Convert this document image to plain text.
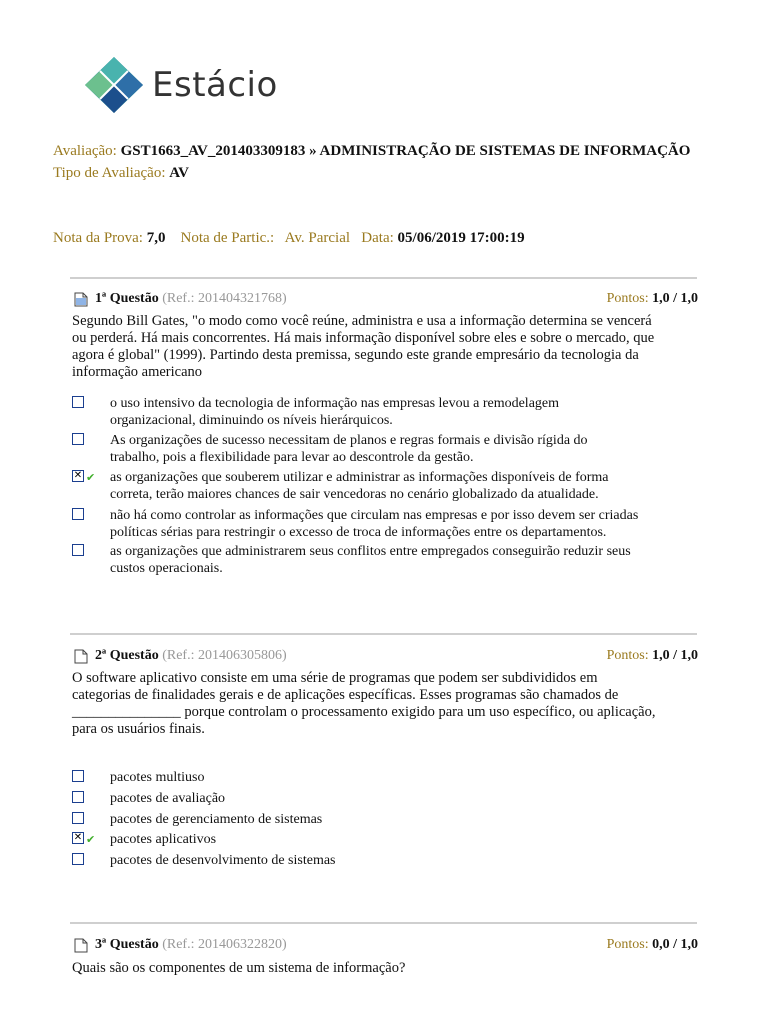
Estácio
Avaliação: GST1663_AV_201403309183 » ADMINISTRAÇÃO DE SISTEMAS DE INFORMAÇÃO
Tipo de Avaliação: AV
Nota da Prova: 7,0 Nota de Partic.: Av. Parcial Data: 05/06/2019 17:00:19
1ª Questão (Ref.: 201404321768)	Pontos: 1,0 / 1,0
Segundo Bill Gates, "o modo como você reúne, administra e usa a informação determina se vencerá
ou perderá. Há mais concorrentes. Há mais informação disponível sobre eles e sobre o mercado, que
agora é global" (1999). Partindo desta premissa, segundo este grande empresário da tecnologia da
informação americano
o uso intensivo da tecnologia de informação nas empresas levou a remodelagem
organizacional, diminuindo os níveis hierárquicos.
As organizações de sucesso necessitam de planos e regras formais e divisão rígida do
trabalho, pois a flexibilidade para levar ao descontrole da gestão.
✕ ✔ as organizações que souberem utilizar e administrar as informações disponíveis de forma
correta, terão maiores chances de sair vencedoras no cenário globalizado da atualidade.
não há como controlar as informações que circulam nas empresas e por isso devem ser criadas
políticas sérias para restringir o excesso de troca de informações entre os departamentos.
as organizações que administrarem seus conflitos entre empregados conseguirão reduzir seus
custos operacionais.
2ª Questão (Ref.: 201406305806)	Pontos: 1,0 / 1,0
O software aplicativo consiste em uma série de programas que podem ser subdivididos em
categorias de finalidades gerais e de aplicações específicas. Esses programas são chamados de
_______________ porque controlam o processamento exigido para um uso específico, ou aplicação,
para os usuários finais.
pacotes multiuso
pacotes de avaliação
pacotes de gerenciamento de sistemas
✕ ✔ pacotes aplicativos
pacotes de desenvolvimento de sistemas
3ª Questão (Ref.: 201406322820)	Pontos: 0,0 / 1,0
Quais são os componentes de um sistema de informação?
